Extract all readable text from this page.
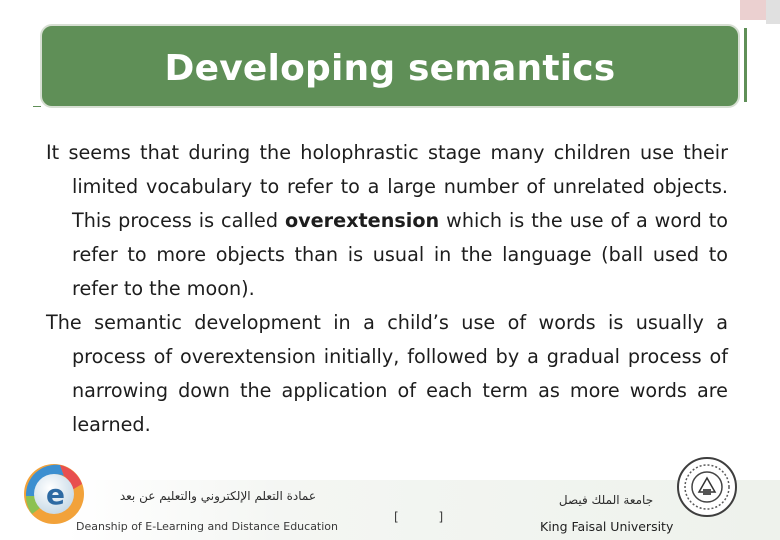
Developing semantics

It seems that during the holophrastic stage many children use their limited vocabulary to refer to a large number of unrelated objects. This process is called overextension which is the use of a word to refer to more objects than is usual in the language (ball used to refer to the moon).

The semantic development in a child’s use of words is usually a process of overextension initially, followed by a gradual process of narrowing down the application of each term as more words are learned.

e	عمادة التعلم الإلكتروني والتعليم عن بعد
Deanship of E-Learning and Distance Education
[ ]
جامعة الملك فيصل
King Faisal University
